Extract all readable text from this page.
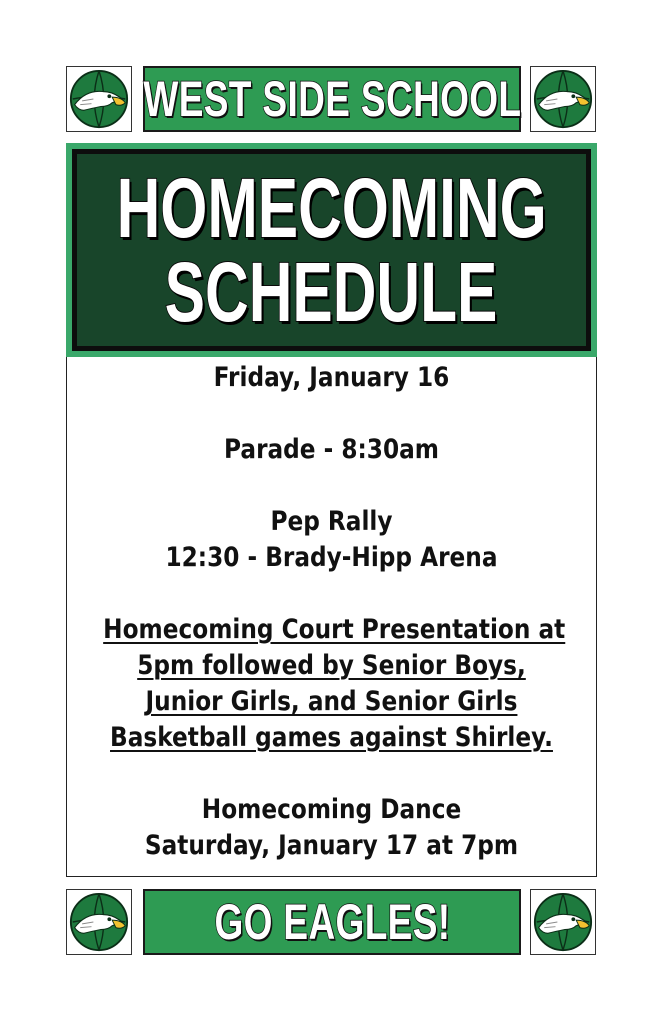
WEST SIDE SCHOOL
HOMECOMING
SCHEDULE
Friday, January 16
Parade - 8:30am
Pep Rally
12:30 - Brady-Hipp Arena
Homecoming Court Presentation at
5pm followed by Senior Boys,
Junior Girls, and Senior Girls
Basketball games against Shirley.
Homecoming Dance
Saturday, January 17 at 7pm
GO EAGLES!
